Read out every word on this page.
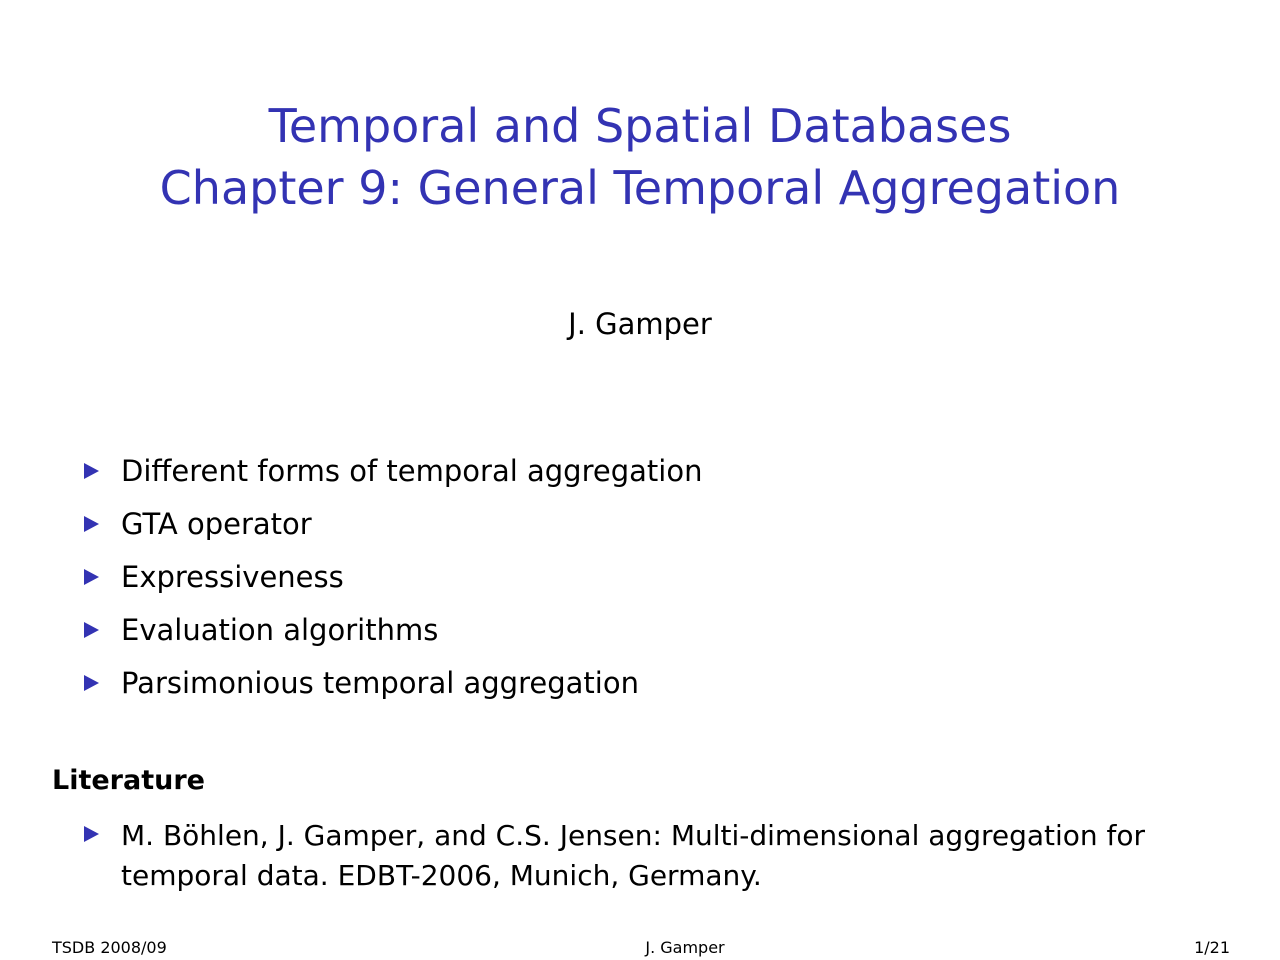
Temporal and Spatial Databases
Chapter 9: General Temporal Aggregation
J. Gamper
Different forms of temporal aggregation
GTA operator
Expressiveness
Evaluation algorithms
Parsimonious temporal aggregation
Literature
M. Böhlen, J. Gamper, and C.S. Jensen: Multi-dimensional aggregation for temporal data. EDBT-2006, Munich, Germany.
TSDB 2008/09	J. Gamper	1/21
